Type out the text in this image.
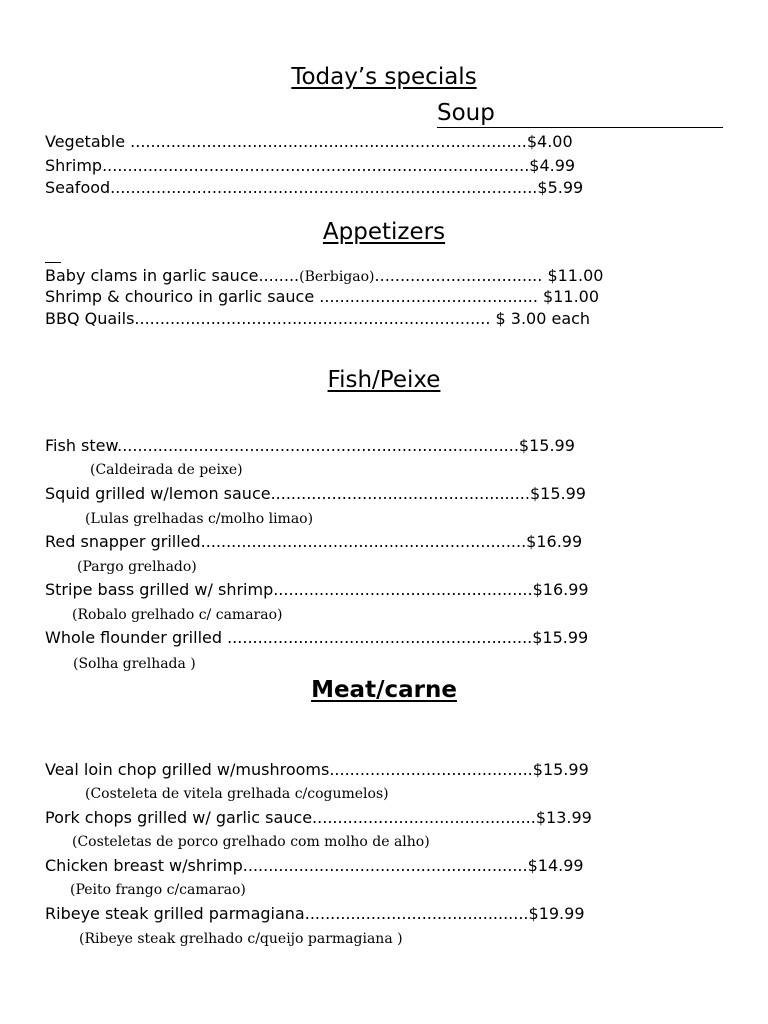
Today’s specials
Soup
Vegetable ..............................................................................$4.00
Shrimp....................................................................................$4.99
Seafood....................................................................................$5.99
Appetizers
Baby clams in garlic sauce........(Berbigao)................................. $11.00
Shrimp & chourico in garlic sauce ........................................... $11.00
BBQ Quails...................................................................... $ 3.00 each
Fish/Peixe
Fish stew...............................................................................$15.99
(Caldeirada de peixe)
Squid grilled w/lemon sauce...................................................$15.99
(Lulas grelhadas c/molho limao)
Red snapper grilled................................................................$16.99
(Pargo grelhado)
Stripe bass grilled w/ shrimp...................................................$16.99
(Robalo grelhado c/ camarao)
Whole flounder grilled ............................................................$15.99
(Solha grelhada )
Meat/carne
Veal loin chop grilled w/mushrooms........................................$15.99
(Costeleta de vitela grelhada c/cogumelos)
Pork chops grilled w/ garlic sauce............................................$13.99
(Costeletas de porco grelhado com molho de alho)
Chicken breast w/shrimp........................................................$14.99
(Peito frango c/camarao)
Ribeye steak grilled parmagiana............................................$19.99
(Ribeye steak grelhado c/queijo parmagiana )
